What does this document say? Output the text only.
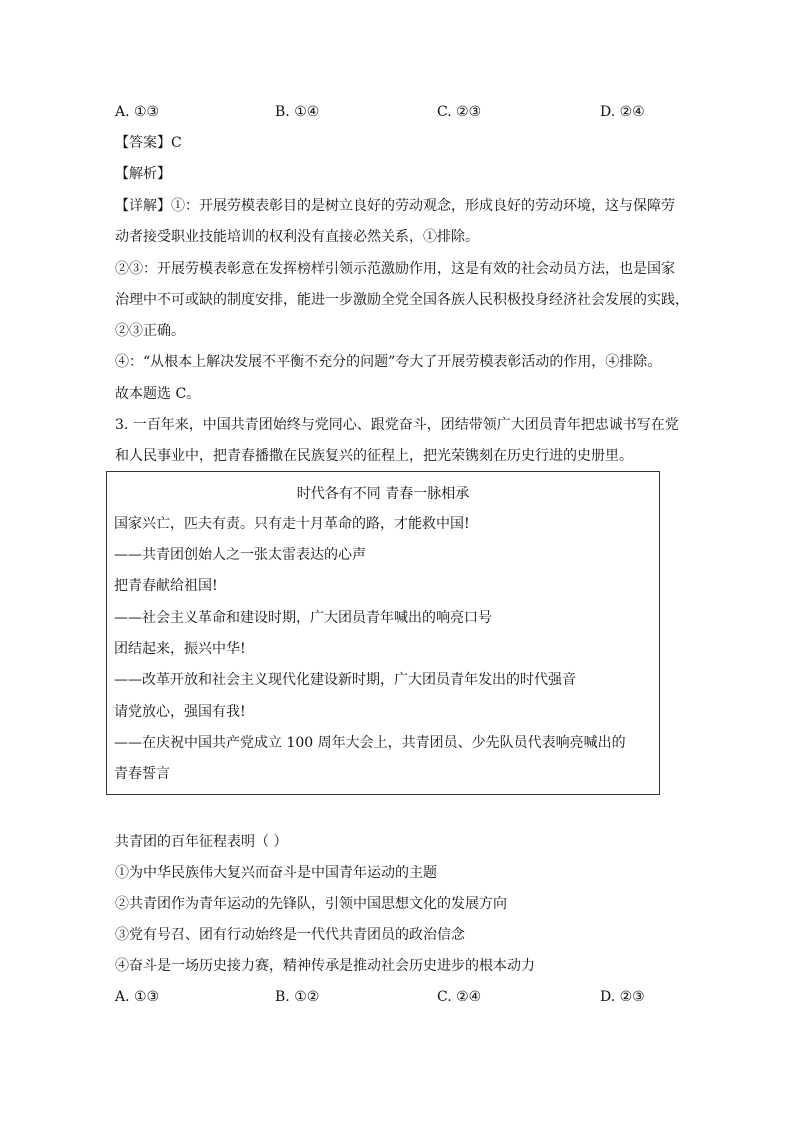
A. ①③	B. ①④	C. ②③	D. ②④
【答案】C
【解析】
【详解】①：开展劳模表彰目的是树立良好的劳动观念，形成良好的劳动环境，这与保障劳
动者接受职业技能培训的权利没有直接必然关系，①排除。
②③：开展劳模表彰意在发挥榜样引领示范激励作用，这是有效的社会动员方法，也是国家
治理中不可或缺的制度安排，能进一步激励全党全国各族人民积极投身经济社会发展的实践，
②③正确。
④：“从根本上解决发展不平衡不充分的问题”夸大了开展劳模表彰活动的作用，④排除。
故本题选 C。
3. 一百年来，中国共青团始终与党同心、跟党奋斗，团结带领广大团员青年把忠诚书写在党
和人民事业中，把青春播撒在民族复兴的征程上，把光荣镌刻在历史行进的史册里。
时代各有不同 青春一脉相承
国家兴亡，匹夫有责。只有走十月革命的路，才能救中国!
——共青团创始人之一张太雷表达的心声
把青春献给祖国!
——社会主义革命和建设时期，广大团员青年喊出的响亮口号
团结起来，振兴中华!
——改革开放和社会主义现代化建设新时期，广大团员青年发出的时代强音
请党放心，强国有我!
——在庆祝中国共产党成立 100 周年大会上，共青团员、少先队员代表响亮喊出的
青春誓言
共青团的百年征程表明（ ）
①为中华民族伟大复兴而奋斗是中国青年运动的主题
②共青团作为青年运动的先锋队，引领中国思想文化的发展方向
③党有号召、团有行动始终是一代代共青团员的政治信念
④奋斗是一场历史接力赛，精神传承是推动社会历史进步的根本动力
A. ①③	B. ①②	C. ②④	D. ②③
